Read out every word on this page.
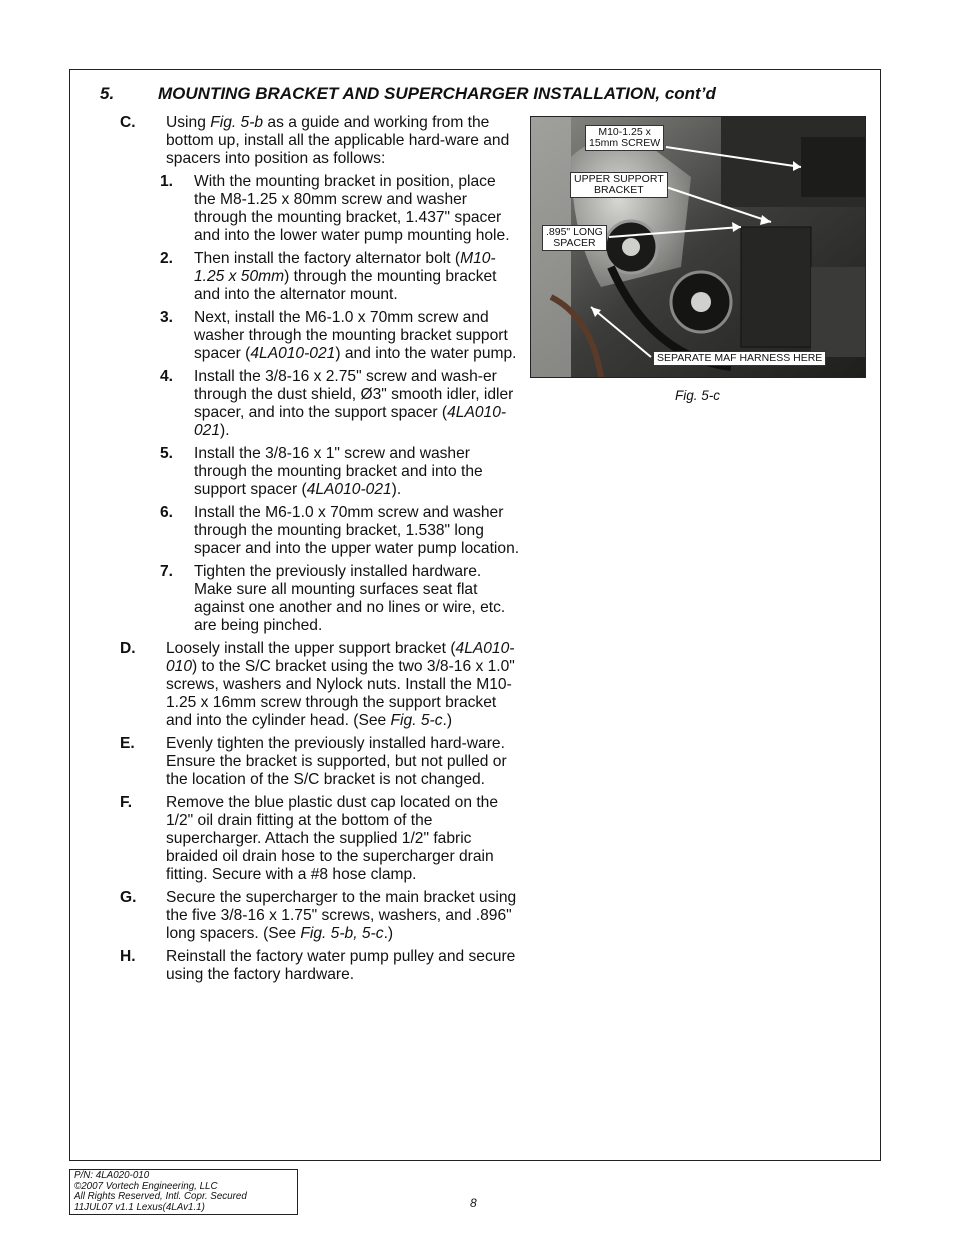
5.	MOUNTING BRACKET AND SUPERCHARGER INSTALLATION, cont’d
C. Using Fig. 5-b as a guide and working from the bottom up, install all the applicable hard-ware and spacers into position as follows:
1. With the mounting bracket in position, place the M8-1.25 x 80mm screw and washer through the mounting bracket, 1.437" spacer and into the lower water pump mounting hole.
2. Then install the factory alternator bolt (M10-1.25 x 50mm) through the mounting bracket and into the alternator mount.
3. Next, install the M6-1.0 x 70mm screw and washer through the mounting bracket support spacer (4LA010-021) and into the water pump.
4. Install the 3/8-16 x 2.75" screw and wash-er through the dust shield, Ø3" smooth idler, idler spacer, and into the support spacer (4LA010-021).
5. Install the 3/8-16 x 1" screw and washer through the mounting bracket and into the support spacer (4LA010-021).
6. Install the M6-1.0 x 70mm screw and washer through the mounting bracket, 1.538" long spacer and into the upper water pump location.
7. Tighten the previously installed hardware. Make sure all mounting surfaces seat flat against one another and no lines or wire, etc. are being pinched.
D. Loosely install the upper support bracket (4LA010-010) to the S/C bracket using the two 3/8-16 x 1.0" screws, washers and Nylock nuts. Install the M10-1.25 x 16mm screw through the support bracket and into the cylinder head. (See Fig. 5-c.)
E. Evenly tighten the previously installed hard-ware. Ensure the bracket is supported, but not pulled or the location of the S/C bracket is not changed.
F. Remove the blue plastic dust cap located on the 1/2" oil drain fitting at the bottom of the supercharger. Attach the supplied 1/2" fabric braided oil drain hose to the supercharger drain fitting. Secure with a #8 hose clamp.
G. Secure the supercharger to the main bracket using the five 3/8-16 x 1.75" screws, washers, and .896" long spacers. (See Fig. 5-b, 5-c.)
H. Reinstall the factory water pump pulley and secure using the factory hardware.
M10-1.25 x
15mm SCREW
UPPER SUPPORT
BRACKET
.895" LONG
SPACER
SEPARATE MAF HARNESS HERE
Fig. 5-c
P/N: 4LA020-010
©2007 Vortech Engineering, LLC
All Rights Reserved, Intl. Copr. Secured
11JUL07 v1.1 Lexus(4LAv1.1)	8
